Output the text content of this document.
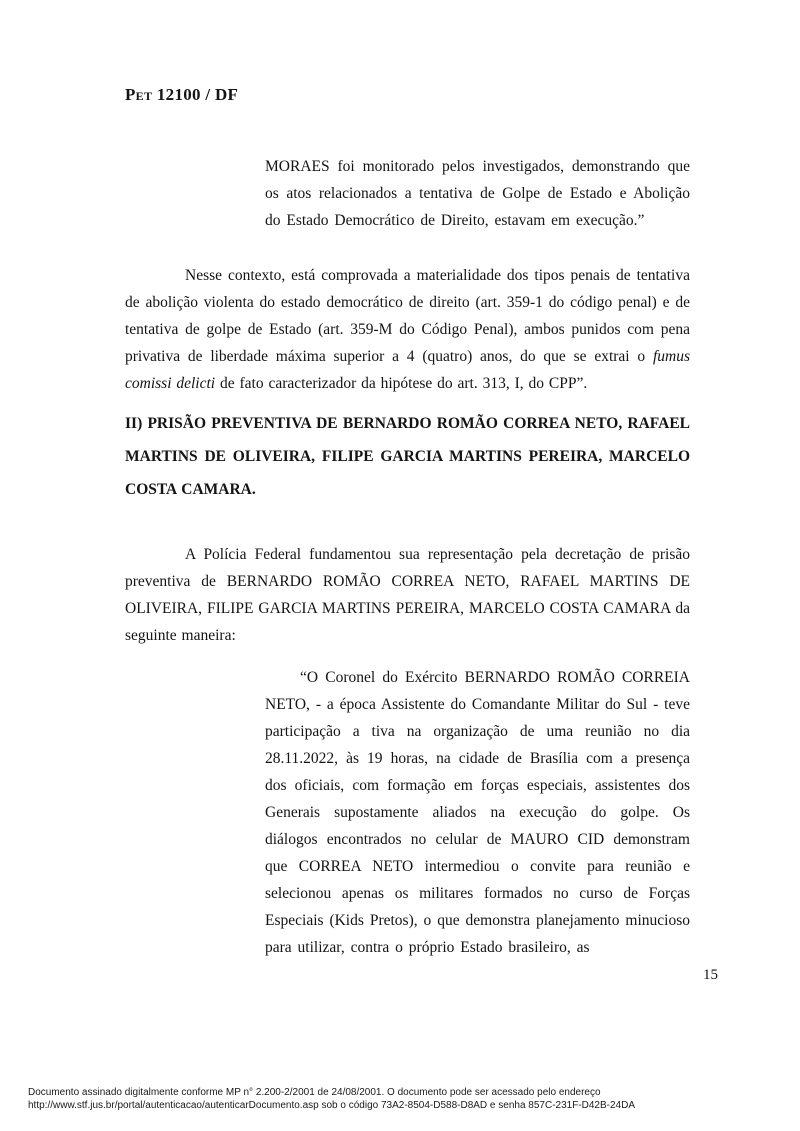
Pet 12100 / DF
MORAES foi monitorado pelos investigados, demonstrando que os atos relacionados a tentativa de Golpe de Estado e Abolição do Estado Democrático de Direito, estavam em execução.”

Nesse contexto, está comprovada a materialidade dos tipos penais de tentativa de abolição violenta do estado democrático de direito (art. 359-1 do código penal) e de tentativa de golpe de Estado (art. 359-M do Código Penal), ambos punidos com pena privativa de liberdade máxima superior a 4 (quatro) anos, do que se extrai o fumus comissi delicti de fato caracterizador da hipótese do art. 313, I, do CPP”.

II) PRISÃO PREVENTIVA DE BERNARDO ROMÃO CORREA NETO, RAFAEL MARTINS DE OLIVEIRA, FILIPE GARCIA MARTINS PEREIRA, MARCELO COSTA CAMARA.

A Polícia Federal fundamentou sua representação pela decretação de prisão preventiva de BERNARDO ROMÃO CORREA NETO, RAFAEL MARTINS DE OLIVEIRA, FILIPE GARCIA MARTINS PEREIRA, MARCELO COSTA CAMARA da seguinte maneira:

“O Coronel do Exército BERNARDO ROMÃO CORREIA NETO, - a época Assistente do Comandante Militar do Sul - teve participação a tiva na organização de uma reunião no dia 28.11.2022, às 19 horas, na cidade de Brasília com a presença dos oficiais, com formação em forças especiais, assistentes dos Generais supostamente aliados na execução do golpe. Os diálogos encontrados no celular de MAURO CID demonstram que CORREA NETO intermediou o convite para reunião e selecionou apenas os militares formados no curso de Forças Especiais (Kids Pretos), o que demonstra planejamento minucioso para utilizar, contra o próprio Estado brasileiro, as
15
Documento assinado digitalmente conforme MP n° 2.200-2/2001 de 24/08/2001. O documento pode ser acessado pelo endereço
http://www.stf.jus.br/portal/autenticacao/autenticarDocumento.asp sob o código 73A2-8504-D588-D8AD e senha 857C-231F-D42B-24DA
